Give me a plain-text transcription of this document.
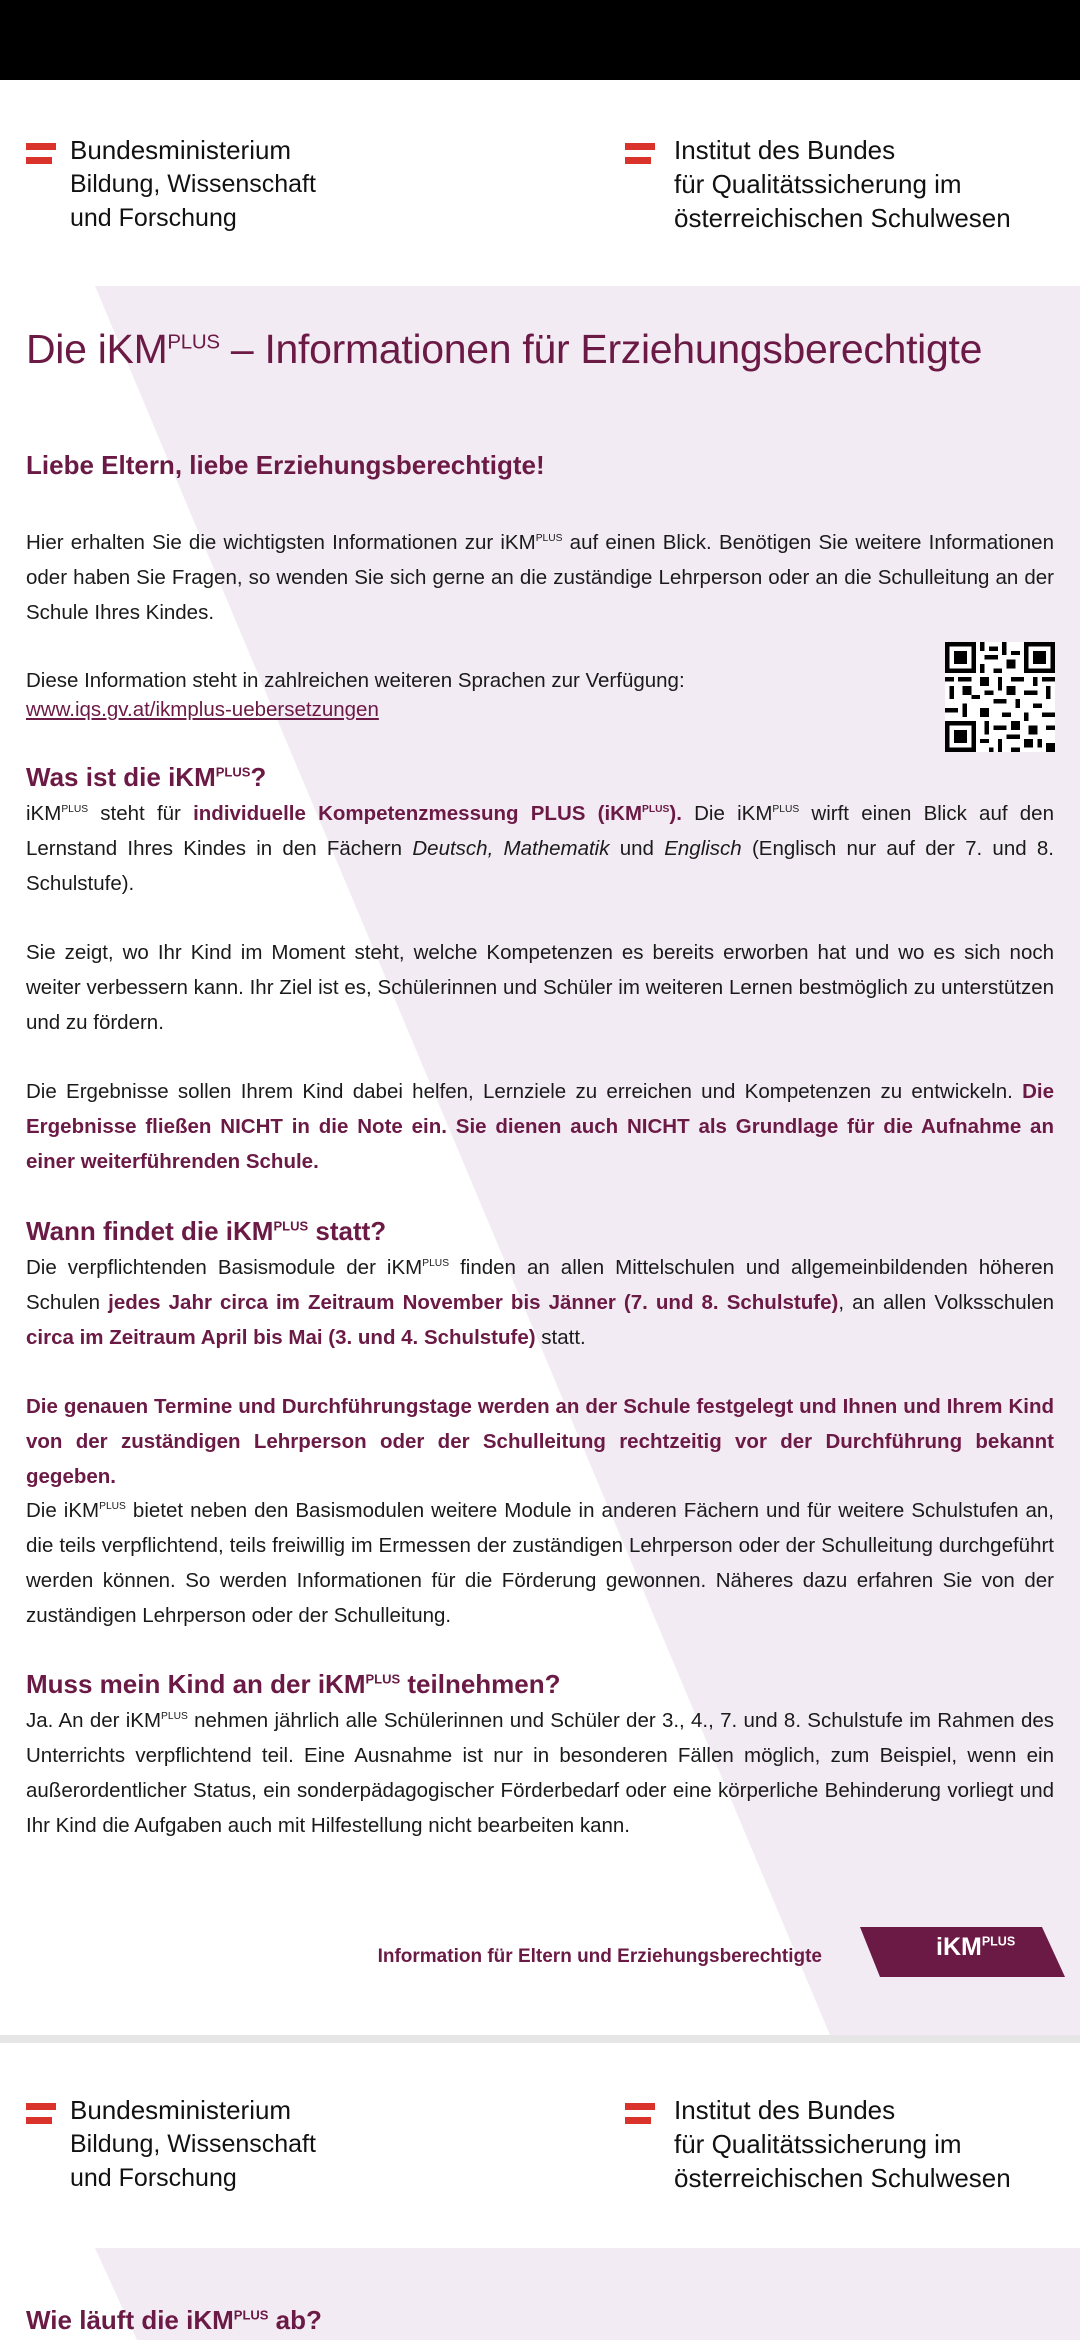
Bundesministerium
Bildung, Wissenschaft
und Forschung
Institut des Bundes
für Qualitätssicherung im
österreichischen Schulwesen
Die iKM$^{PLUS}$ – Informationen für Erziehungsberechtigte
Liebe Eltern, liebe Erziehungsberechtigte!

Hier erhalten Sie die wichtigsten Informationen zur iKM$^{PLUS}$ auf einen Blick. Benötigen Sie weitere Informationen oder haben Sie Fragen, so wenden Sie sich gerne an die zuständige Lehrperson oder an die Schulleitung an der Schule Ihres Kindes.

Diese Information steht in zahlreichen weiteren Sprachen zur Verfügung:

www.iqs.gv.at/ikmplus-uebersetzungen
Was ist die iKM$^{PLUS}$?

iKM$^{PLUS}$ steht für individuelle Kompetenzmessung PLUS (iKM$^{PLUS}$). Die iKM$^{PLUS}$ wirft einen Blick auf den Lernstand Ihres Kindes in den Fächern Deutsch, Mathematik und Englisch (Englisch nur auf der 7. und 8. Schulstufe).

Sie zeigt, wo Ihr Kind im Moment steht, welche Kompetenzen es bereits erworben hat und wo es sich noch weiter verbessern kann. Ihr Ziel ist es, Schülerinnen und Schüler im weiteren Lernen bestmöglich zu unterstützen und zu fördern.

Die Ergebnisse sollen Ihrem Kind dabei helfen, Lernziele zu erreichen und Kompetenzen zu entwickeln. Die Ergebnisse fließen NICHT in die Note ein. Sie dienen auch NICHT als Grundlage für die Aufnahme an einer weiterführenden Schule.

Wann findet die iKM$^{PLUS}$ statt?

Die verpflichtenden Basismodule der iKM$^{PLUS}$ finden an allen Mittelschulen und allgemeinbildenden höheren Schulen jedes Jahr circa im Zeitraum November bis Jänner (7. und 8. Schulstufe), an allen Volksschulen circa im Zeitraum April bis Mai (3. und 4. Schulstufe) statt.

Die genauen Termine und Durchführungstage werden an der Schule festgelegt und Ihnen und Ihrem Kind von der zuständigen Lehrperson oder der Schulleitung rechtzeitig vor der Durchführung bekannt gegeben.

Die iKM$^{PLUS}$ bietet neben den Basismodulen weitere Module in anderen Fächern und für weitere Schulstufen an, die teils verpflichtend, teils freiwillig im Ermessen der zuständigen Lehrperson oder der Schulleitung durchgeführt werden können. So werden Informationen für die Förderung gewonnen. Näheres dazu erfahren Sie von der zuständigen Lehrperson oder der Schulleitung.

Muss mein Kind an der iKM$^{PLUS}$ teilnehmen?

Ja. An der iKM$^{PLUS}$ nehmen jährlich alle Schülerinnen und Schüler der 3., 4., 7. und 8. Schulstufe im Rahmen des Unterrichts verpflichtend teil. Eine Ausnahme ist nur in besonderen Fällen möglich, zum Beispiel, wenn ein außerordentlicher Status, ein sonderpädagogischer Förderbedarf oder eine körperliche Behinderung vorliegt und Ihr Kind die Aufgaben auch mit Hilfestellung nicht bearbeiten kann.

Information für Eltern und Erziehungsberechtigte	iKM$^{PLUS}$
Bundesministerium
Bildung, Wissenschaft
und Forschung
Institut des Bundes
für Qualitätssicherung im
österreichischen Schulwesen
Wie läuft die iKM$^{PLUS}$ ab?
